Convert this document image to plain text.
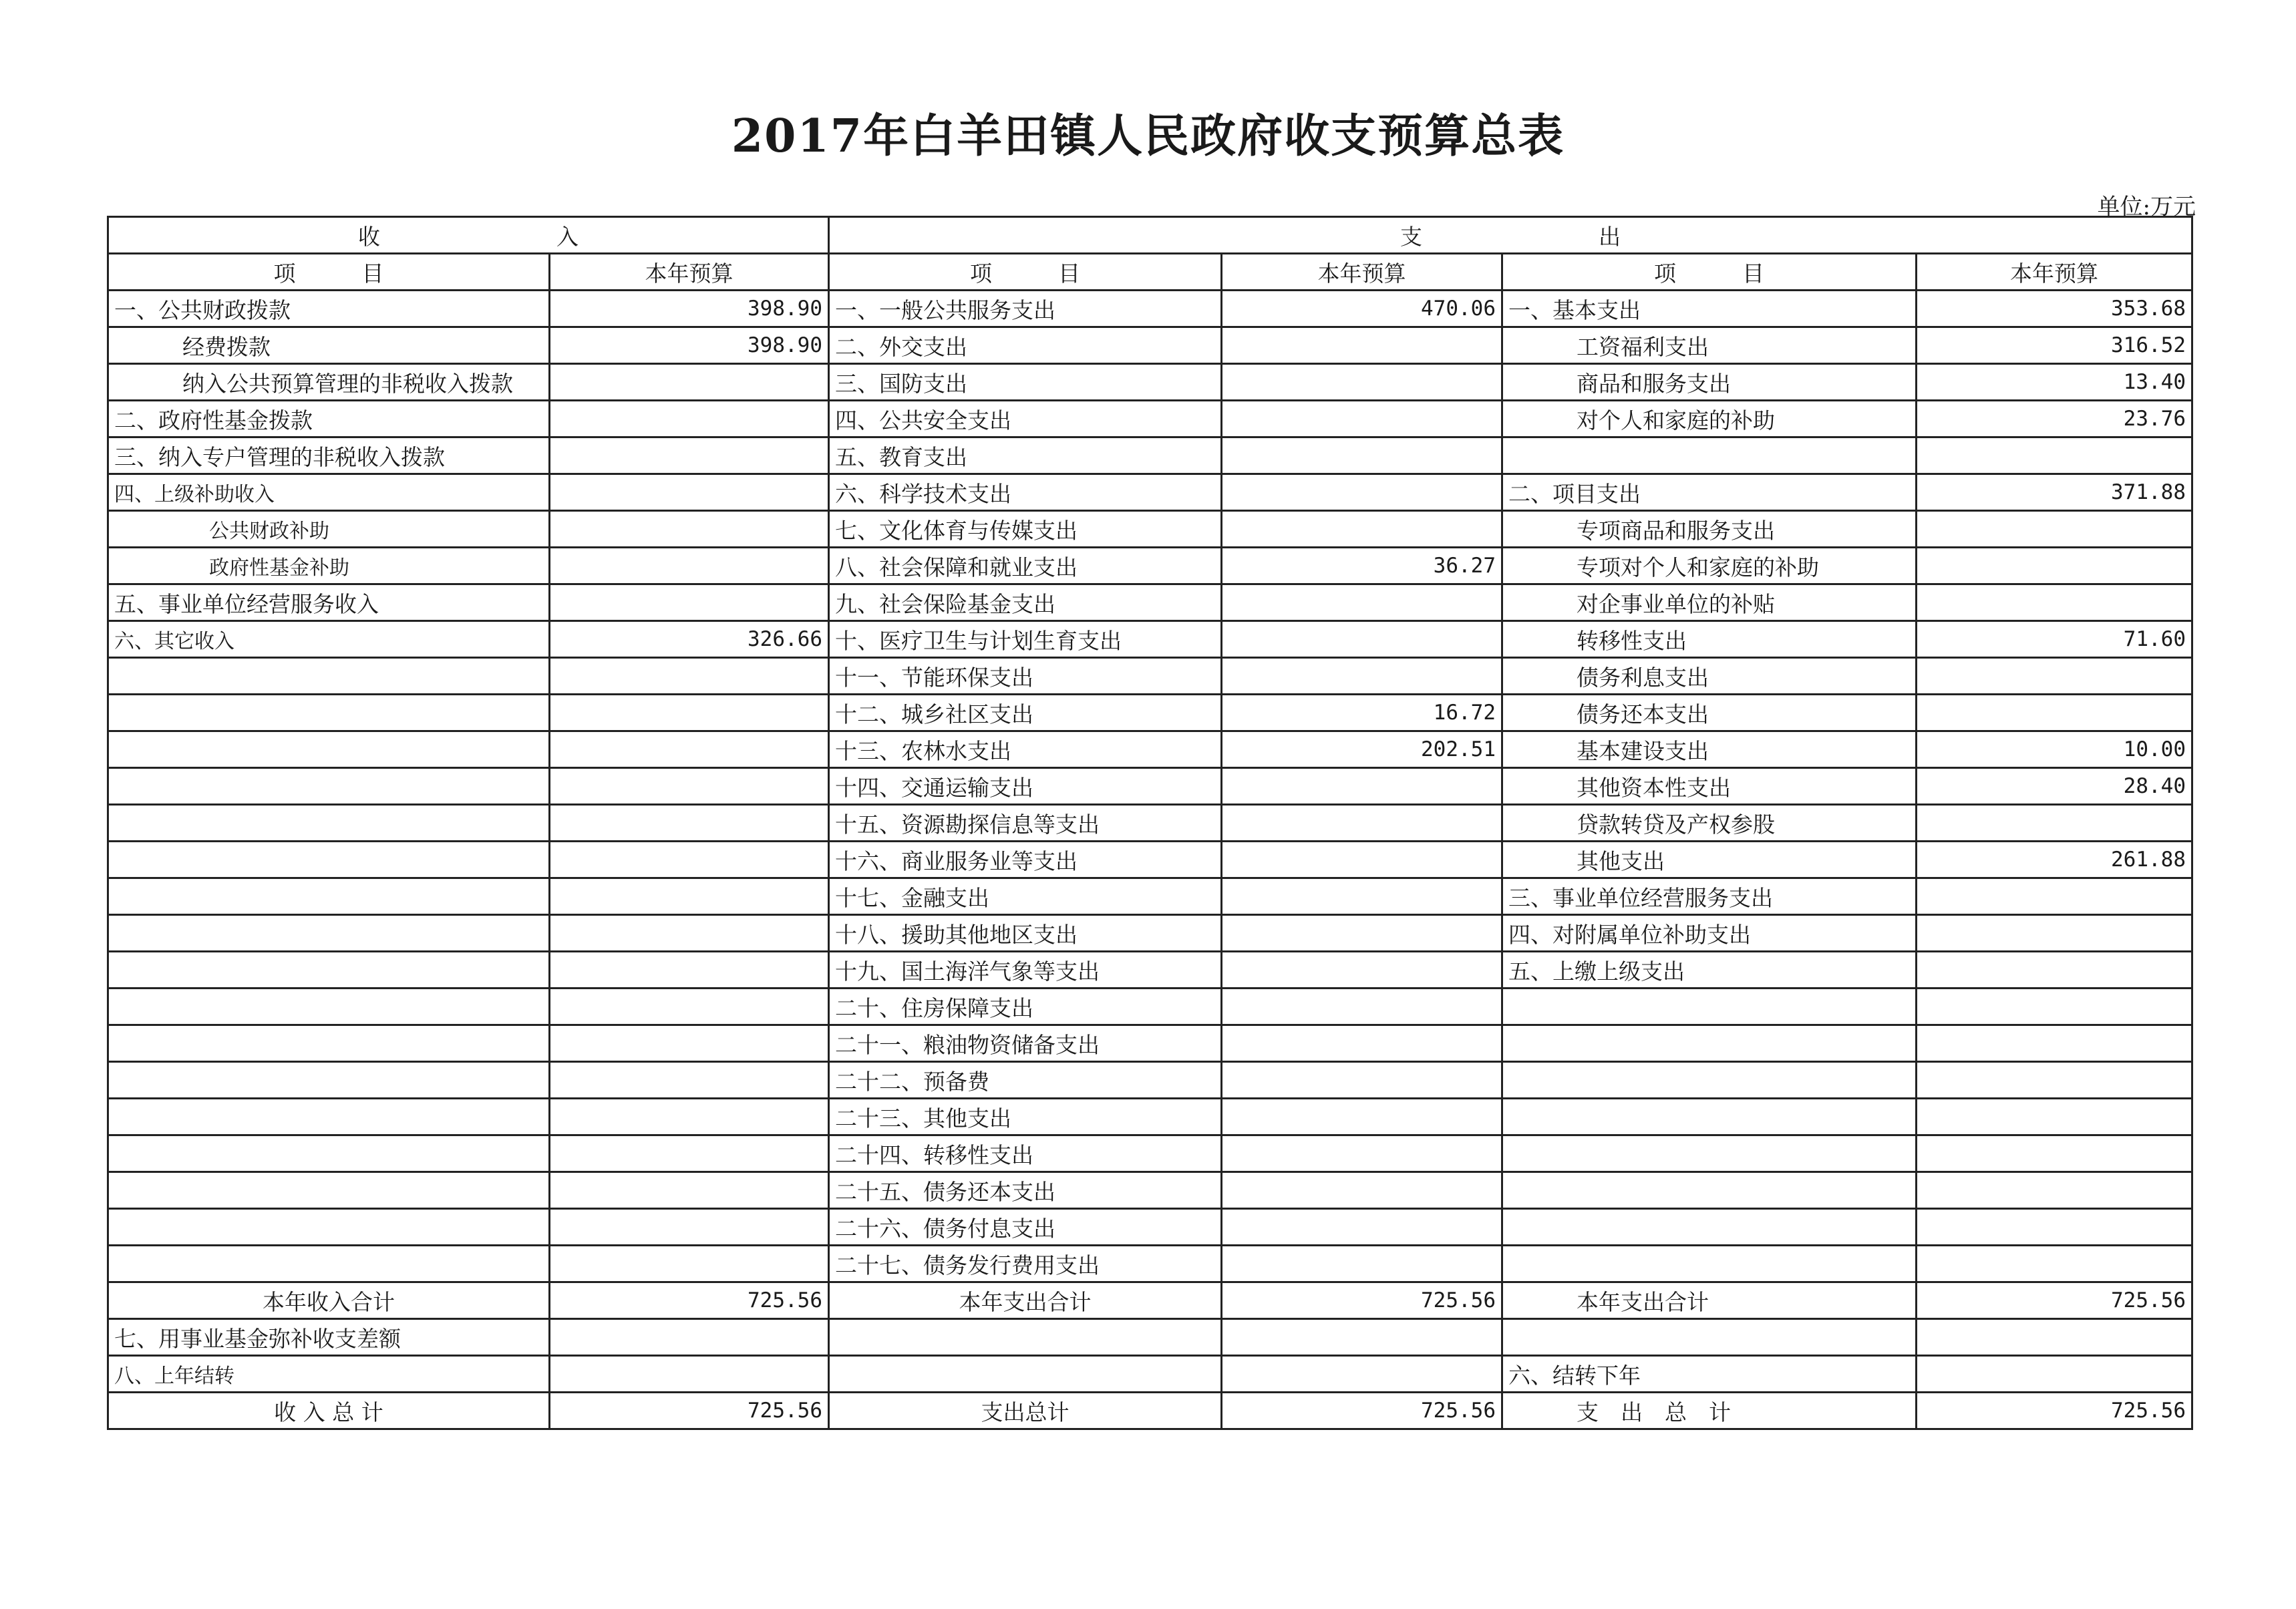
2017年白羊田镇人民政府收支预算总表
单位:万元
收　　　　　　　　入		支　　　　　　　　出			
项　　　目	本年预算	项　　　目	本年预算	项　　　目	本年预算
一、公共财政拨款	398.90	一、一般公共服务支出	470.06	一、基本支出	353.68
经费拨款	398.90	二、外交支出		工资福利支出	316.52
纳入公共预算管理的非税收入拨款		三、国防支出		商品和服务支出	13.40
二、政府性基金拨款		四、公共安全支出		对个人和家庭的补助	23.76
三、纳入专户管理的非税收入拨款		五、教育支出			
四、上级补助收入		六、科学技术支出		二、项目支出	371.88
公共财政补助		七、文化体育与传媒支出		专项商品和服务支出	
政府性基金补助		八、社会保障和就业支出	36.27	专项对个人和家庭的补助	
五、事业单位经营服务收入		九、社会保险基金支出		对企事业单位的补贴	
六、其它收入	326.66	十、医疗卫生与计划生育支出		转移性支出	71.60
		十一、节能环保支出		债务利息支出	
		十二、城乡社区支出	16.72	债务还本支出	
		十三、农林水支出	202.51	基本建设支出	10.00
		十四、交通运输支出		其他资本性支出	28.40
		十五、资源勘探信息等支出		贷款转贷及产权参股	
		十六、商业服务业等支出		其他支出	261.88
		十七、金融支出		三、事业单位经营服务支出	
		十八、援助其他地区支出		四、对附属单位补助支出	
		十九、国土海洋气象等支出		五、上缴上级支出	
		二十、住房保障支出			
		二十一、粮油物资储备支出			
		二十二、预备费			
		二十三、其他支出			
		二十四、转移性支出			
		二十五、债务还本支出			
		二十六、债务付息支出			
		二十七、债务发行费用支出			
本年收入合计	725.56	本年支出合计	725.56	本年支出合计	725.56
七、用事业基金弥补收支差额					
八、上年结转				六、结转下年	
收 入 总 计	725.56	支出总计	725.56	支　出　总　计	725.56
